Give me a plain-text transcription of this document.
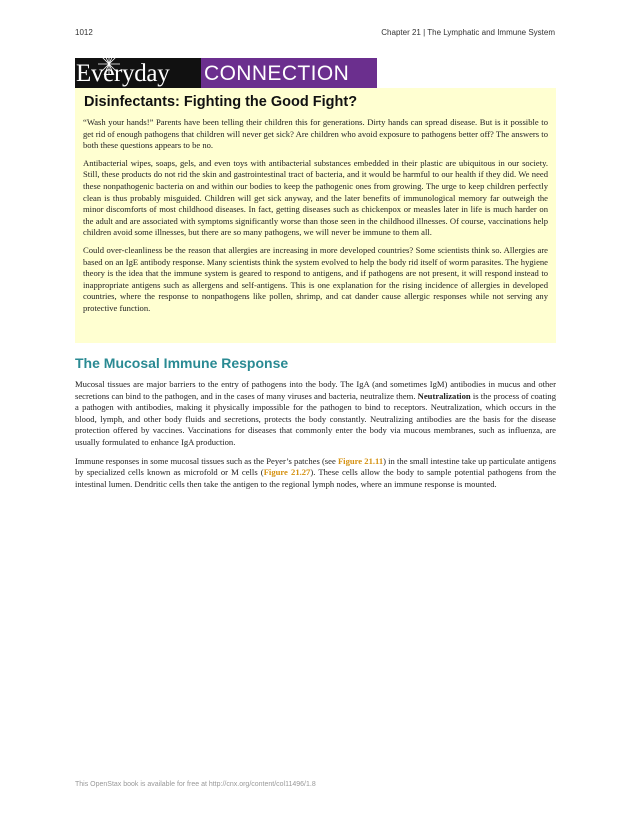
1012	Chapter 21 | The Lymphatic and Immune System
Everyday	CONNECTION
Disinfectants: Fighting the Good Fight?

“Wash your hands!” Parents have been telling their children this for generations. Dirty hands can spread disease. But is it possible to get rid of enough pathogens that children will never get sick? Are children who avoid exposure to pathogens better off? The answers to both these questions appears to be no.

Antibacterial wipes, soaps, gels, and even toys with antibacterial substances embedded in their plastic are ubiquitous in our society. Still, these products do not rid the skin and gastrointestinal tract of bacteria, and it would be harmful to our health if they did. We need these nonpathogenic bacteria on and within our bodies to keep the pathogenic ones from growing. The urge to keep children perfectly clean is thus probably misguided. Children will get sick anyway, and the later benefits of immunological memory far outweigh the minor discomforts of most childhood diseases. In fact, getting diseases such as chickenpox or measles later in life is much harder on the adult and are associated with symptoms significantly worse than those seen in the childhood illnesses. Of course, vaccinations help children avoid some illnesses, but there are so many pathogens, we will never be immune to them all.

Could over-cleanliness be the reason that allergies are increasing in more developed countries? Some scientists think so. Allergies are based on an IgE antibody response. Many scientists think the system evolved to help the body rid itself of worm parasites. The hygiene theory is the idea that the immune system is geared to respond to antigens, and if pathogens are not present, it will respond instead to inappropriate antigens such as allergens and self-antigens. This is one explanation for the rising incidence of allergies in developed countries, where the response to nonpathogens like pollen, shrimp, and cat dander cause allergic responses while not serving any protective function.

The Mucosal Immune Response

Mucosal tissues are major barriers to the entry of pathogens into the body. The IgA (and sometimes IgM) antibodies in mucus and other secretions can bind to the pathogen, and in the cases of many viruses and bacteria, neutralize them. Neutralization is the process of coating a pathogen with antibodies, making it physically impossible for the pathogen to bind to receptors. Neutralization, which occurs in the blood, lymph, and other body fluids and secretions, protects the body constantly. Neutralizing antibodies are the basis for the disease protection offered by vaccines. Vaccinations for diseases that commonly enter the body via mucous membranes, such as influenza, are usually formulated to enhance IgA production.

Immune responses in some mucosal tissues such as the Peyer’s patches (see Figure 21.11) in the small intestine take up particulate antigens by specialized cells known as microfold or M cells (Figure 21.27). These cells allow the body to sample potential pathogens from the intestinal lumen. Dendritic cells then take the antigen to the regional lymph nodes, where an immune response is mounted.

This OpenStax book is available for free at http://cnx.org/content/col11496/1.8
